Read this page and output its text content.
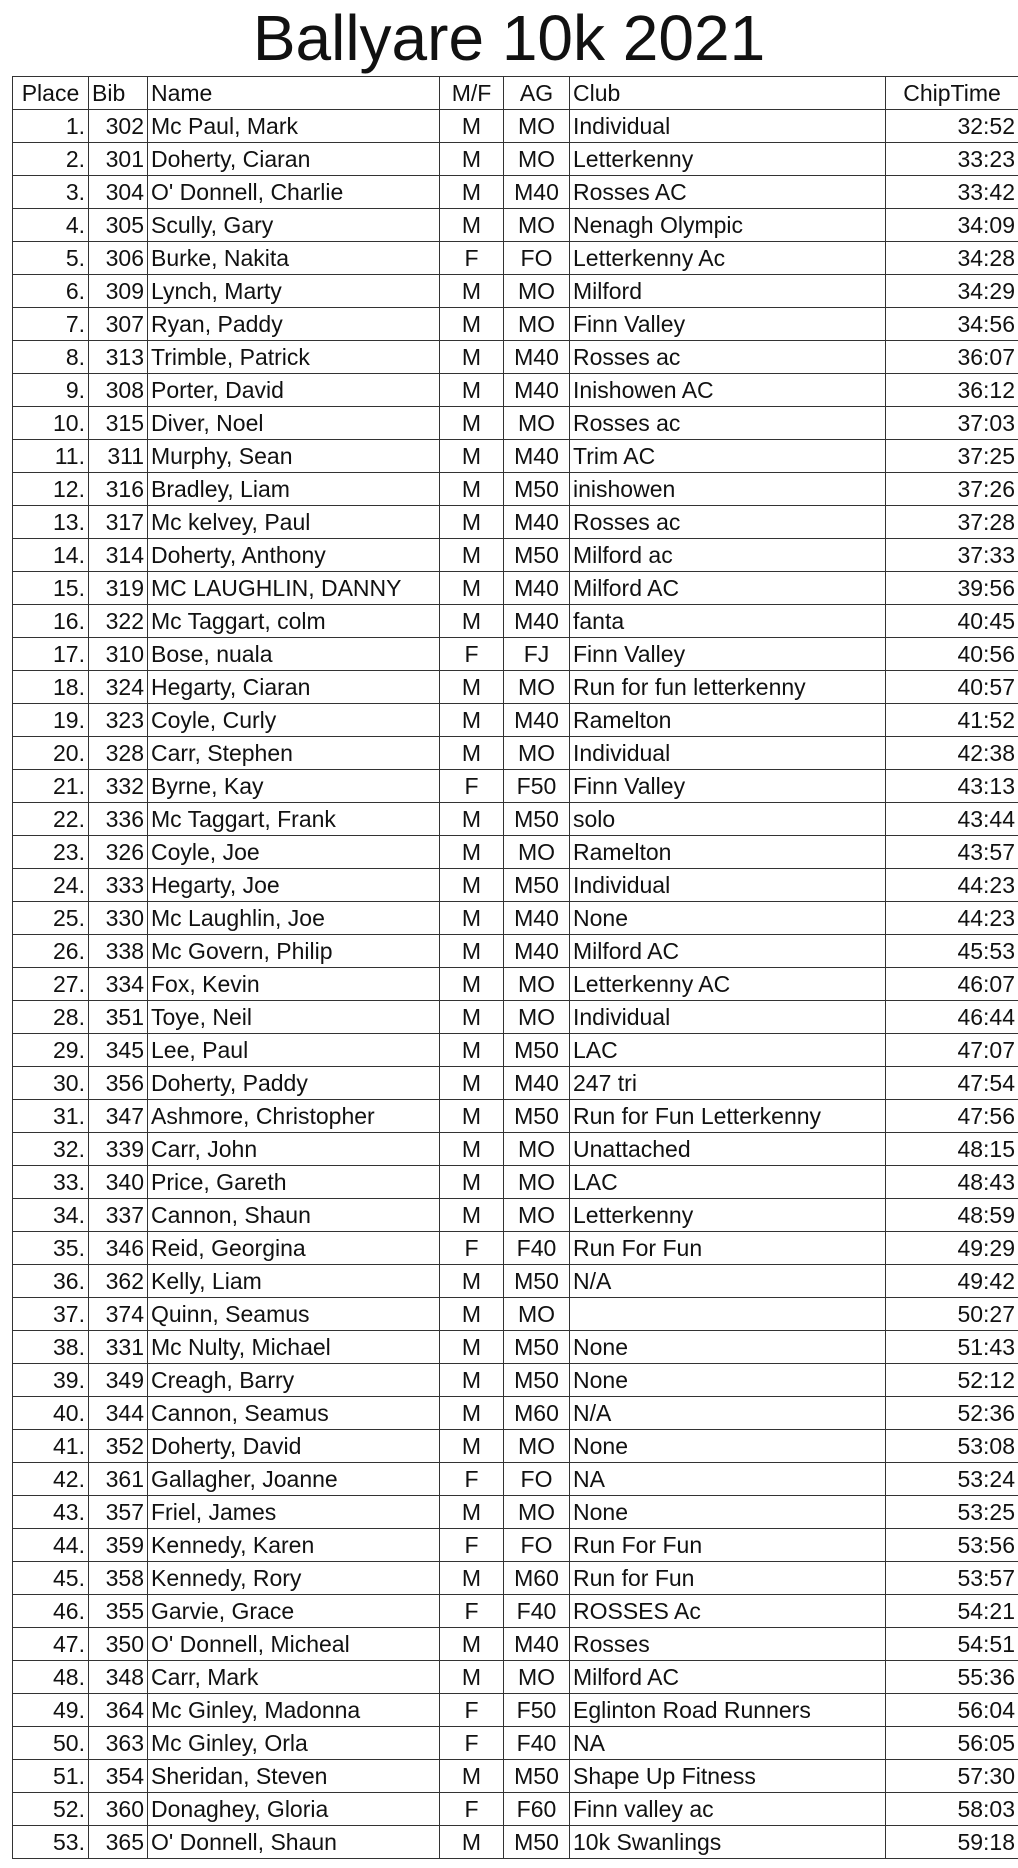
Ballyare 10k 2021
Place	Bib	Name	M/F	AG	Club	ChipTime
1.	302	Mc Paul, Mark	M	MO	Individual	32:52
2.	301	Doherty, Ciaran	M	MO	Letterkenny	33:23
3.	304	O' Donnell, Charlie	M	M40	Rosses AC	33:42
4.	305	Scully, Gary	M	MO	Nenagh Olympic	34:09
5.	306	Burke, Nakita	F	FO	Letterkenny Ac	34:28
6.	309	Lynch, Marty	M	MO	Milford	34:29
7.	307	Ryan, Paddy	M	MO	Finn Valley	34:56
8.	313	Trimble, Patrick	M	M40	Rosses ac	36:07
9.	308	Porter, David	M	M40	Inishowen AC	36:12
10.	315	Diver, Noel	M	MO	Rosses ac	37:03
11.	311	Murphy, Sean	M	M40	Trim AC	37:25
12.	316	Bradley, Liam	M	M50	inishowen	37:26
13.	317	Mc kelvey, Paul	M	M40	Rosses ac	37:28
14.	314	Doherty, Anthony	M	M50	Milford ac	37:33
15.	319	MC LAUGHLIN, DANNY	M	M40	Milford AC	39:56
16.	322	Mc Taggart, colm	M	M40	fanta	40:45
17.	310	Bose, nuala	F	FJ	Finn Valley	40:56
18.	324	Hegarty, Ciaran	M	MO	Run for fun letterkenny	40:57
19.	323	Coyle, Curly	M	M40	Ramelton	41:52
20.	328	Carr, Stephen	M	MO	Individual	42:38
21.	332	Byrne, Kay	F	F50	Finn Valley	43:13
22.	336	Mc Taggart, Frank	M	M50	solo	43:44
23.	326	Coyle, Joe	M	MO	Ramelton	43:57
24.	333	Hegarty, Joe	M	M50	Individual	44:23
25.	330	Mc Laughlin, Joe	M	M40	None	44:23
26.	338	Mc Govern, Philip	M	M40	Milford AC	45:53
27.	334	Fox, Kevin	M	MO	Letterkenny AC	46:07
28.	351	Toye, Neil	M	MO	Individual	46:44
29.	345	Lee, Paul	M	M50	LAC	47:07
30.	356	Doherty, Paddy	M	M40	247 tri	47:54
31.	347	Ashmore, Christopher	M	M50	Run for Fun Letterkenny	47:56
32.	339	Carr, John	M	MO	Unattached	48:15
33.	340	Price, Gareth	M	MO	LAC	48:43
34.	337	Cannon, Shaun	M	MO	Letterkenny	48:59
35.	346	Reid, Georgina	F	F40	Run For Fun	49:29
36.	362	Kelly, Liam	M	M50	N/A	49:42
37.	374	Quinn, Seamus	M	MO		50:27
38.	331	Mc Nulty, Michael	M	M50	None	51:43
39.	349	Creagh, Barry	M	M50	None	52:12
40.	344	Cannon, Seamus	M	M60	N/A	52:36
41.	352	Doherty, David	M	MO	None	53:08
42.	361	Gallagher, Joanne	F	FO	NA	53:24
43.	357	Friel, James	M	MO	None	53:25
44.	359	Kennedy, Karen	F	FO	Run For Fun	53:56
45.	358	Kennedy, Rory	M	M60	Run for Fun	53:57
46.	355	Garvie, Grace	F	F40	ROSSES Ac	54:21
47.	350	O' Donnell, Micheal	M	M40	Rosses	54:51
48.	348	Carr, Mark	M	MO	Milford AC	55:36
49.	364	Mc Ginley, Madonna	F	F50	Eglinton Road Runners	56:04
50.	363	Mc Ginley, Orla	F	F40	NA	56:05
51.	354	Sheridan, Steven	M	M50	Shape Up Fitness	57:30
52.	360	Donaghey, Gloria	F	F60	Finn valley ac	58:03
53.	365	O' Donnell, Shaun	M	M50	10k Swanlings	59:18
